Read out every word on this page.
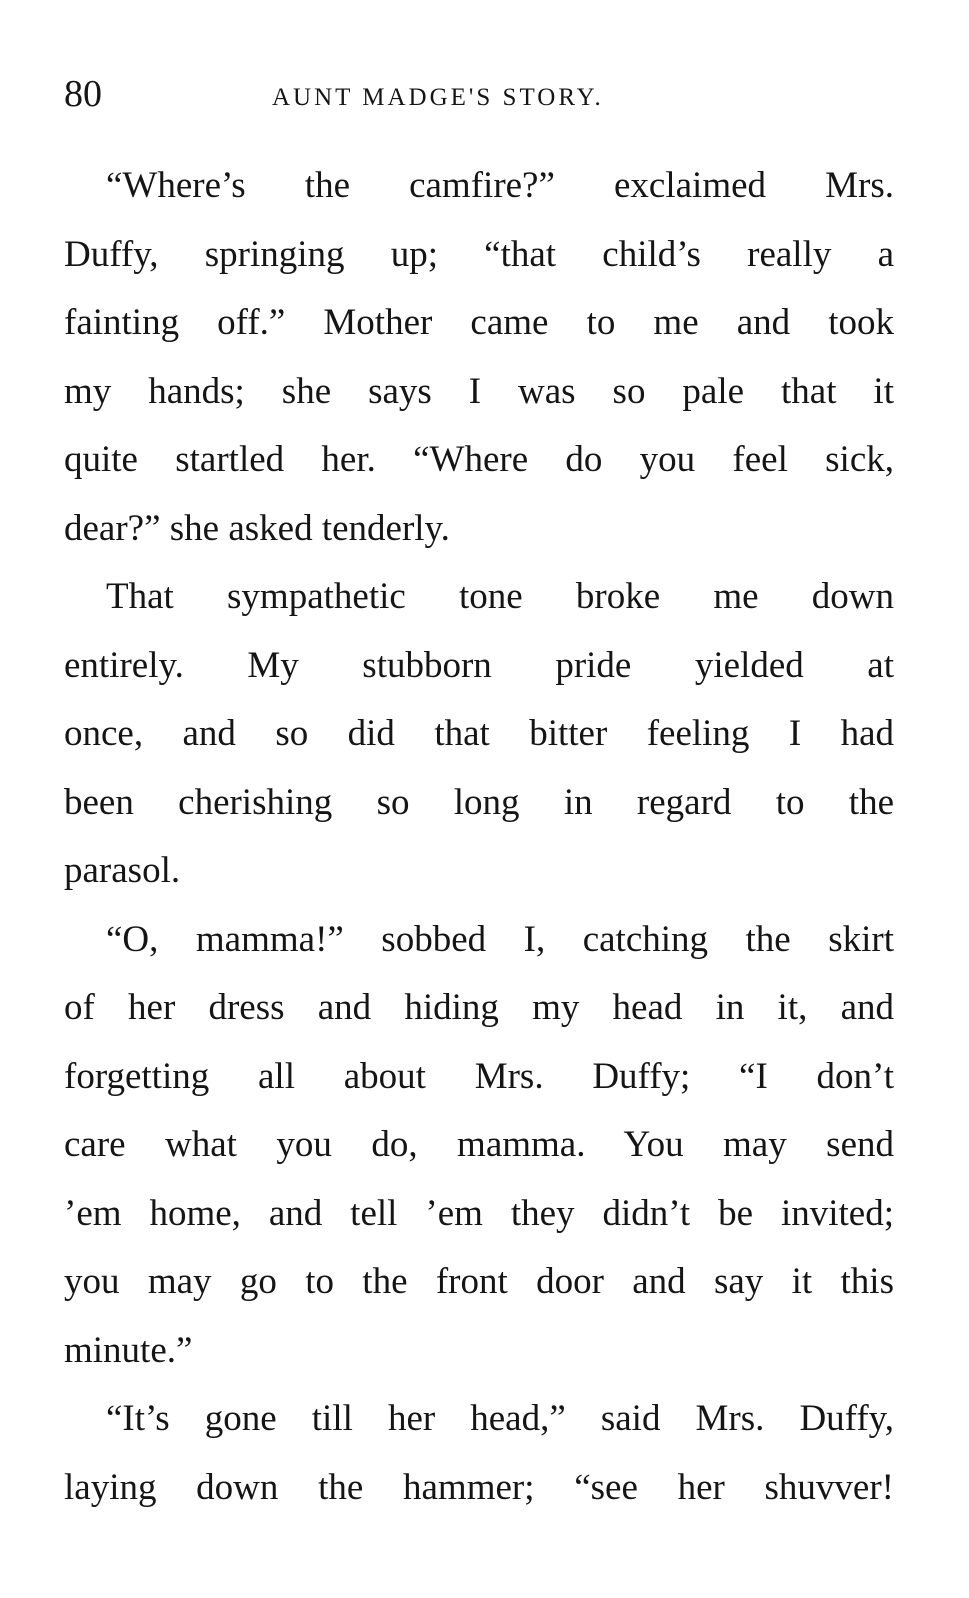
80	AUNT MADGE'S STORY.

“Where’s the camfire?” exclaimed Mrs.
Duffy, springing up; “that child’s really a
fainting off.” Mother came to me and took
my hands; she says I was so pale that it
quite startled her. “Where do you feel sick,
dear?” she asked tenderly.

That sympathetic tone broke me down
entirely. My stubborn pride yielded at
once, and so did that bitter feeling I had
been cherishing so long in regard to the
parasol.

“O, mamma!” sobbed I, catching the skirt
of her dress and hiding my head in it, and
forgetting all about Mrs. Duffy; “I don’t
care what you do, mamma. You may send
’em home, and tell ’em they didn’t be invited;
you may go to the front door and say it this
minute.”

“It’s gone till her head,” said Mrs. Duffy,
laying down the hammer; “see her shuvver!
